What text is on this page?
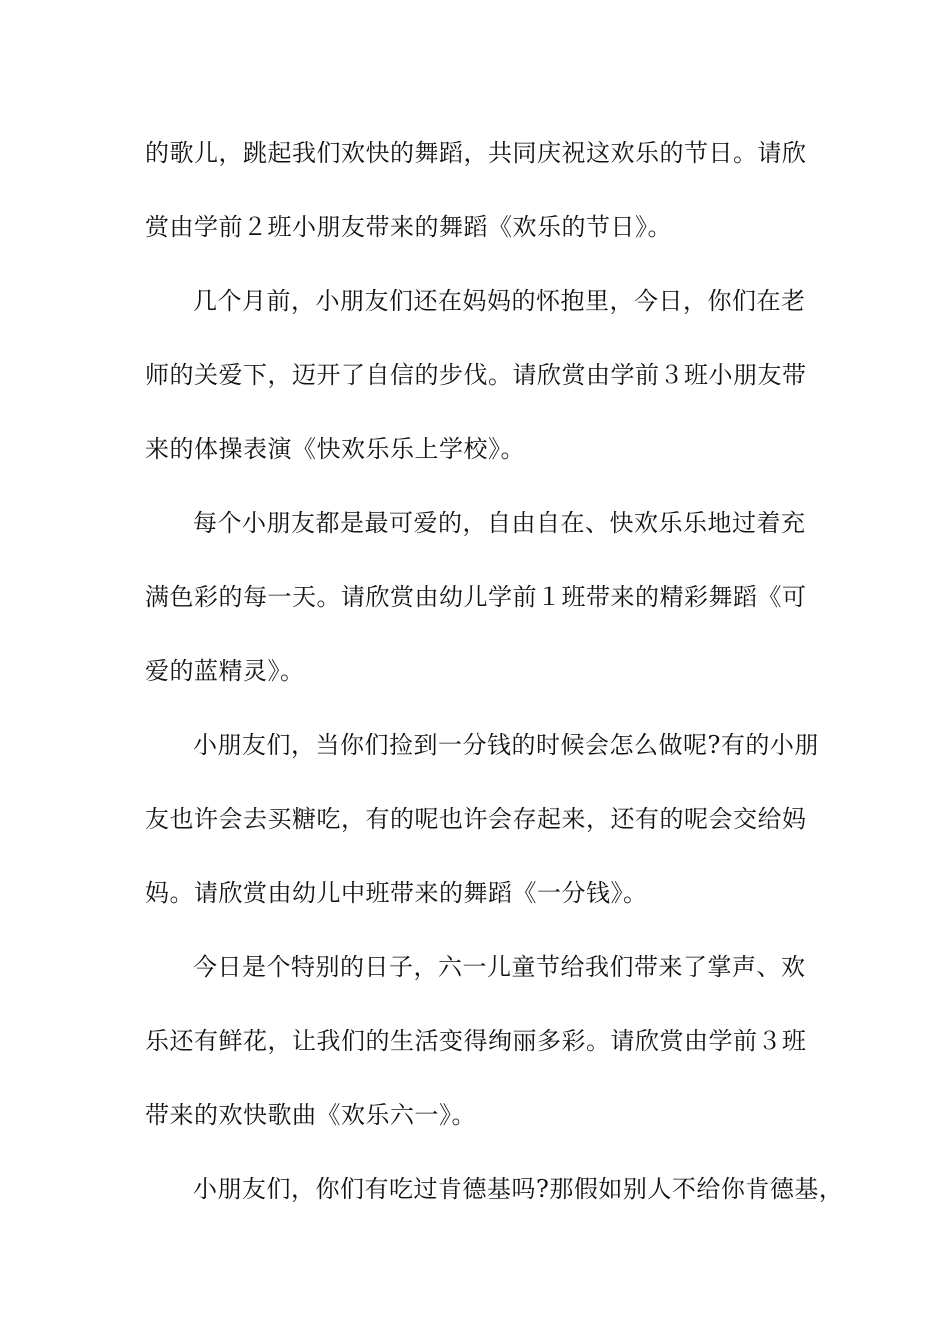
的歌儿，跳起我们欢快的舞蹈，共同庆祝这欢乐的节日。请欣
赏由学前２班小朋友带来的舞蹈《欢乐的节日》。
几个月前，小朋友们还在妈妈的怀抱里，今日，你们在老
师的关爱下，迈开了自信的步伐。请欣赏由学前３班小朋友带
来的体操表演《快欢乐乐上学校》。
每个小朋友都是最可爱的，自由自在、快欢乐乐地过着充
满色彩的每一天。请欣赏由幼儿学前１班带来的精彩舞蹈《可
爱的蓝精灵》。
小朋友们，当你们捡到一分钱的时候会怎么做呢?有的小朋
友也许会去买糖吃，有的呢也许会存起来，还有的呢会交给妈
妈。请欣赏由幼儿中班带来的舞蹈《一分钱》。
今日是个特别的日子，六一儿童节给我们带来了掌声、欢
乐还有鲜花，让我们的生活变得绚丽多彩。请欣赏由学前３班
带来的欢快歌曲《欢乐六一》。
小朋友们，你们有吃过肯德基吗?那假如别人不给你肯德基，
